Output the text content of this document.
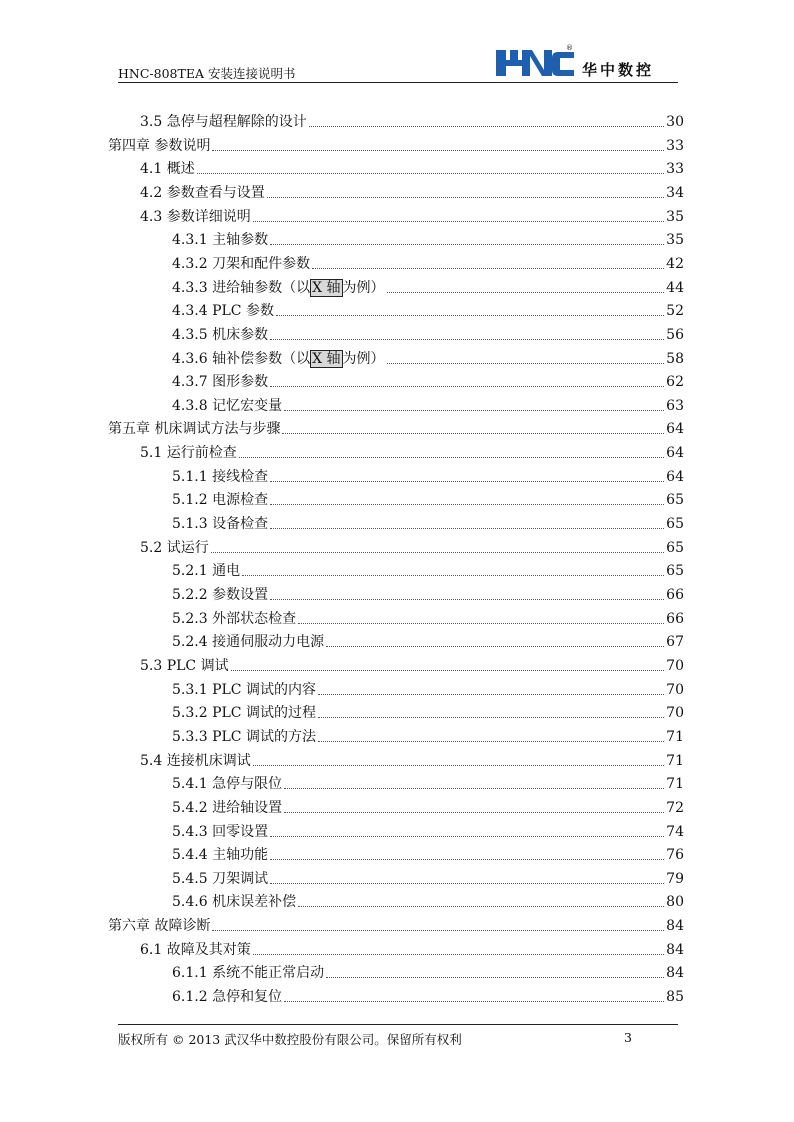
HNC-808TEA 安装连接说明书
®
华中数控
3.5 急停与超程解除的设计	30
第四章 参数说明	33
4.1 概述	33
4.2 参数查看与设置	34
4.3 参数详细说明	35
4.3.1 主轴参数	35
4.3.2 刀架和配件参数	42
4.3.3 进给轴参数（以 X 轴 为例）	44
4.3.4 PLC 参数	52
4.3.5 机床参数	56
4.3.6 轴补偿参数（以 X 轴 为例）	58
4.3.7 图形参数	62
4.3.8 记忆宏变量	63
第五章 机床调试方法与步骤	64
5.1 运行前检查	64
5.1.1 接线检查	64
5.1.2 电源检查	65
5.1.3 设备检查	65
5.2 试运行	65
5.2.1 通电	65
5.2.2 参数设置	66
5.2.3 外部状态检查	66
5.2.4 接通伺服动力电源	67
5.3 PLC 调试	70
5.3.1 PLC 调试的内容	70
5.3.2 PLC 调试的过程	70
5.3.3 PLC 调试的方法	71
5.4 连接机床调试	71
5.4.1 急停与限位	71
5.4.2 进给轴设置	72
5.4.3 回零设置	74
5.4.4 主轴功能	76
5.4.5 刀架调试	79
5.4.6 机床误差补偿	80
第六章 故障诊断	84
6.1 故障及其对策	84
6.1.1 系统不能正常启动	84
6.1.2 急停和复位	85
版权所有 © 2013 武汉华中数控股份有限公司。保留所有权利	3
